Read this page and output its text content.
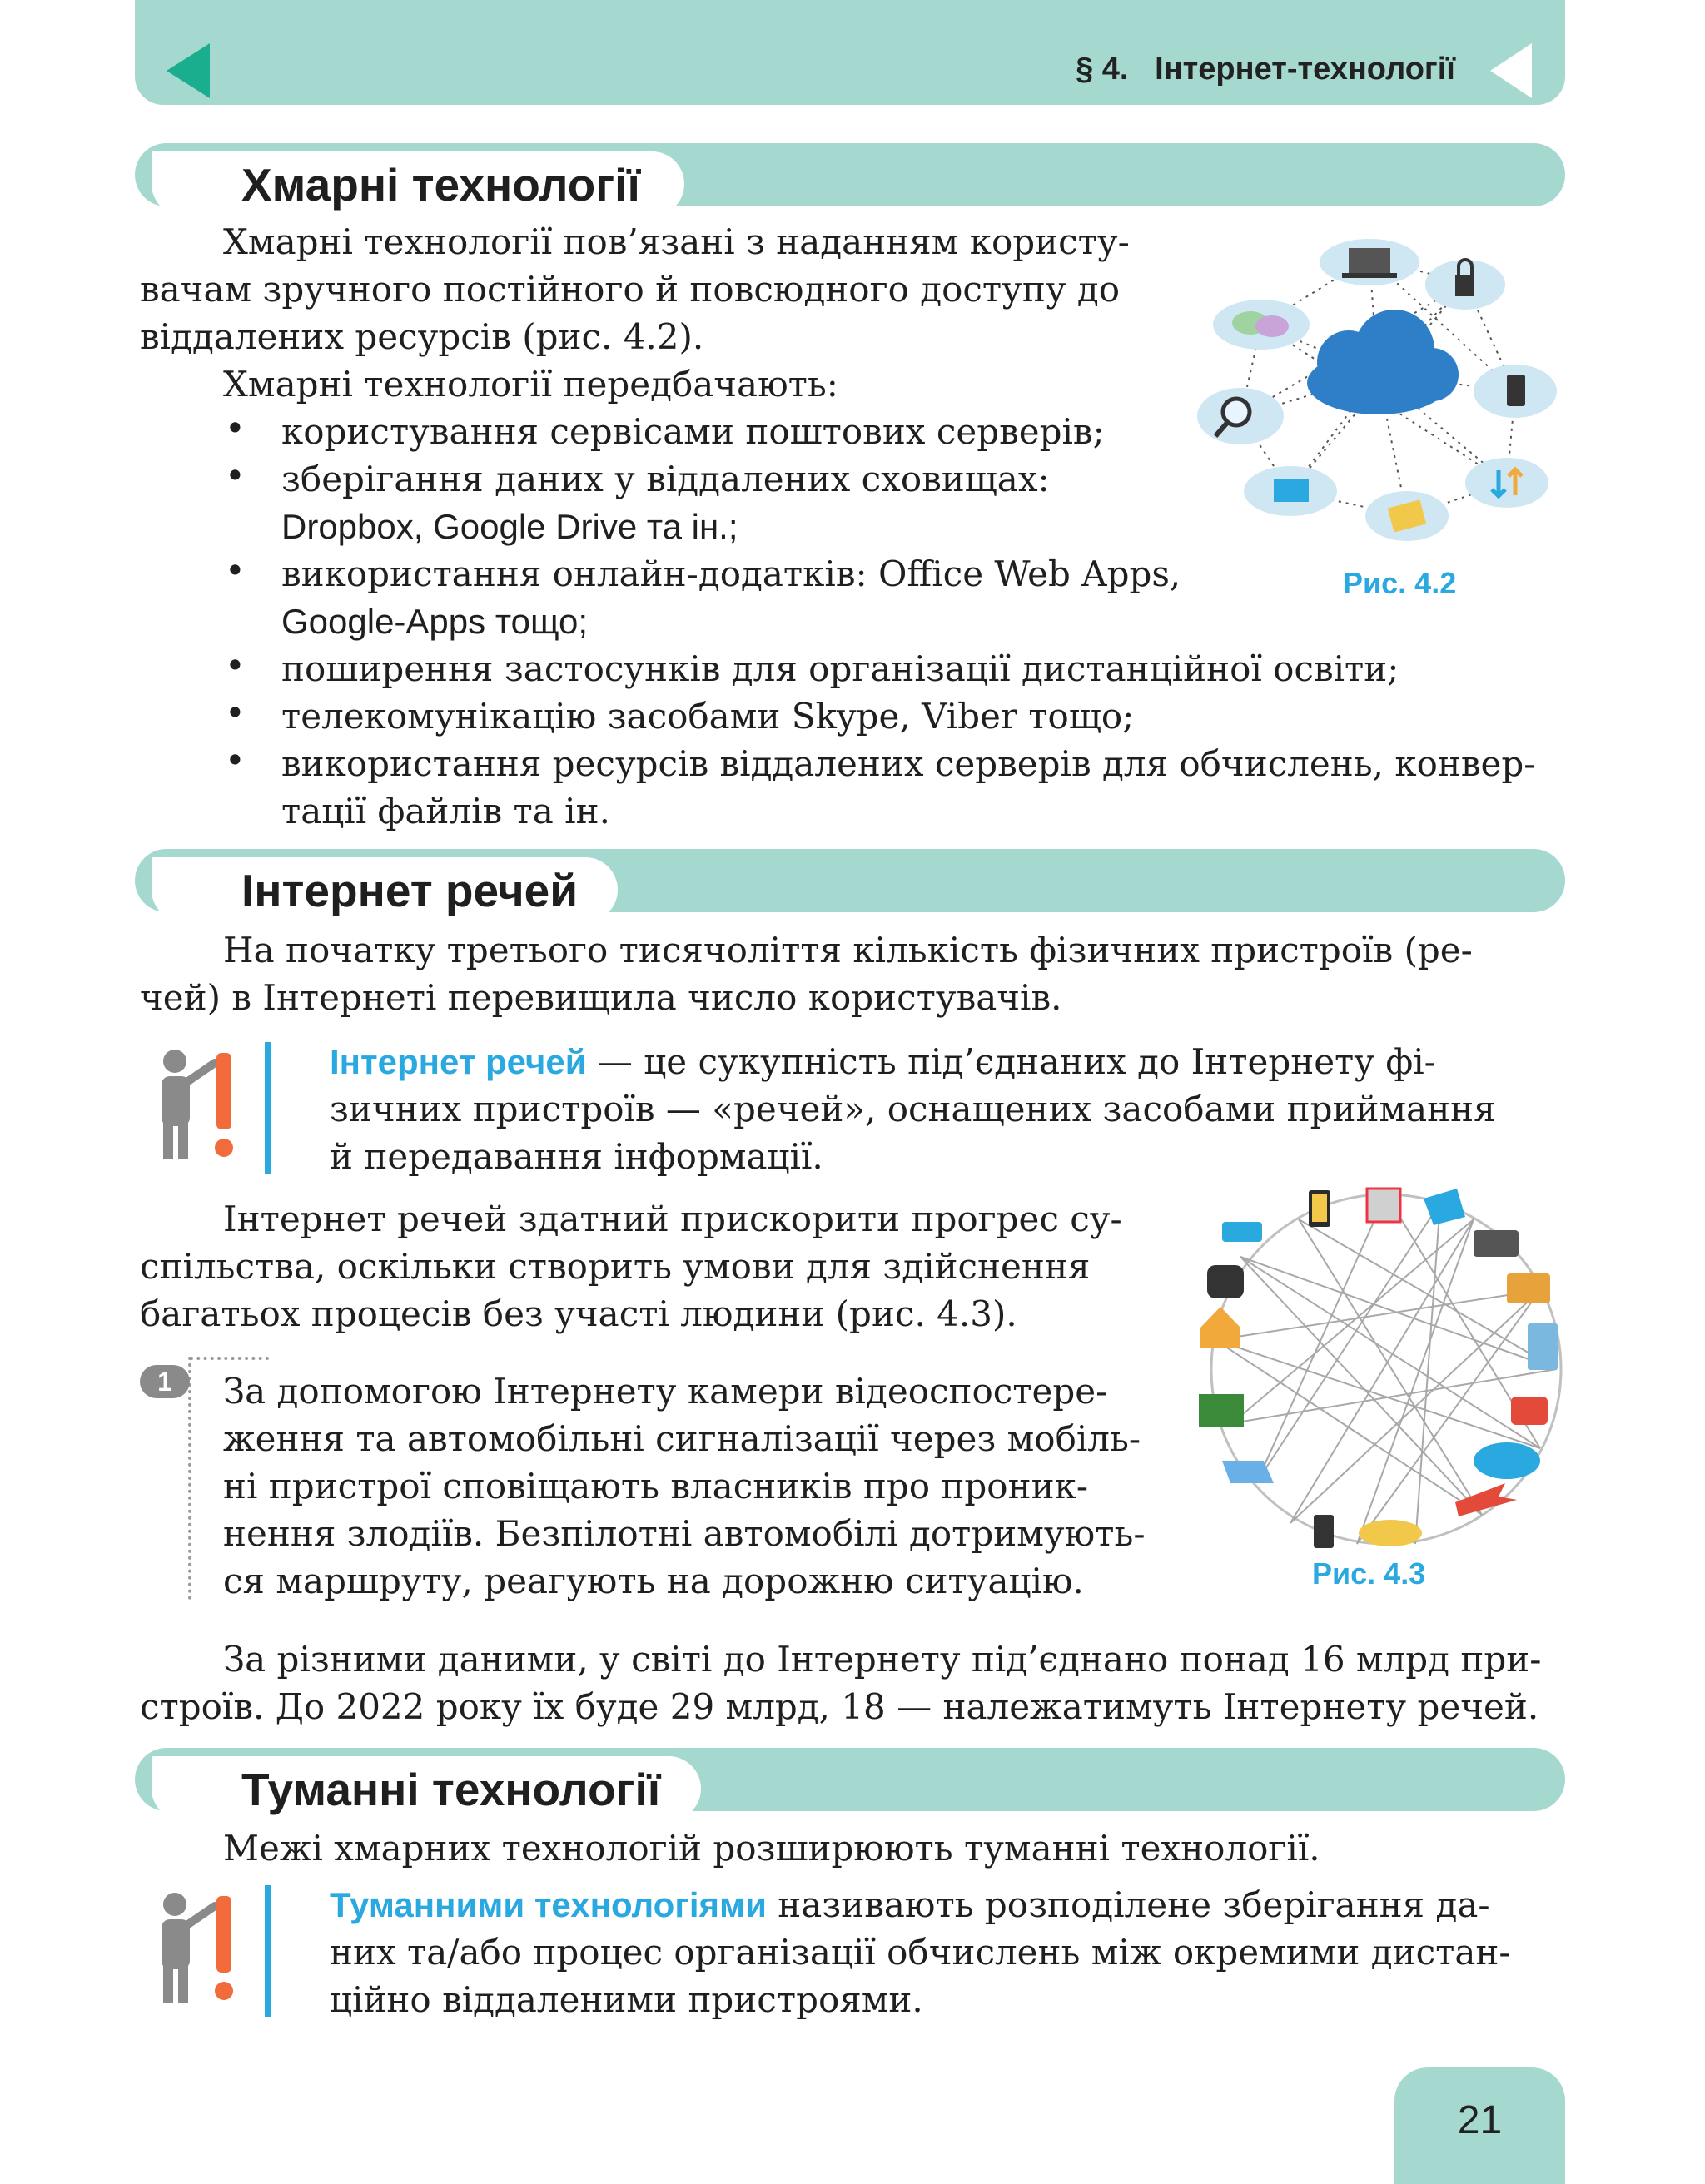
§ 4. Інтернет-технології
Хмарні технології
Хмарні технології пов’язані з наданням користу-
вачам зручного постійного й повсюдного доступу до
віддалених ресурсів (рис. 4.2).
Хмарні технології передбачають:
• користування сервісами поштових серверів;
• зберігання даних у віддалених сховищах:
Dropbox, Google Drive та ін.;
• використання онлайн-додатків: Office Web Apps,
Google-Apps тощо;
• поширення застосунків для організації дистанційної освіти;
• телекомунікацію засобами Skype, Viber тощо;
• використання ресурсів віддалених серверів для обчислень, конвер-
тації файлів та ін.
Рис. 4.2
Інтернет речей
На початку третього тисячоліття кількість фізичних пристроїв (ре-
чей) в Інтернеті перевищила число користувачів.
Інтернет речей — це сукупність під’єднаних до Інтернету фі-
зичних пристроїв — «речей», оснащених засобами приймання
й передавання інформації.
Інтернет речей здатний прискорити прогрес су-
спільства, оскільки створить умови для здійснення
багатьох процесів без участі людини (рис. 4.3).
1	За допомогою Інтернету камери відеоспостере-
ження та автомобільні сигналізації через мобіль-
ні пристрої сповіщають власників про проник-
нення злодіїв. Безпілотні автомобілі дотримують-
ся маршруту, реагують на дорожню ситуацію.	Рис. 4.3
За різними даними, у світі до Інтернету під’єднано понад 16 млрд при-
строїв. До 2022 року їх буде 29 млрд, 18 — належатимуть Інтернету речей.
Туманні технології
Межі хмарних технологій розширюють туманні технології.
Туманними технологіями називають розподілене зберігання да-
них та/або процес організації обчислень між окремими дистан-
ційно віддаленими пристроями.
21
